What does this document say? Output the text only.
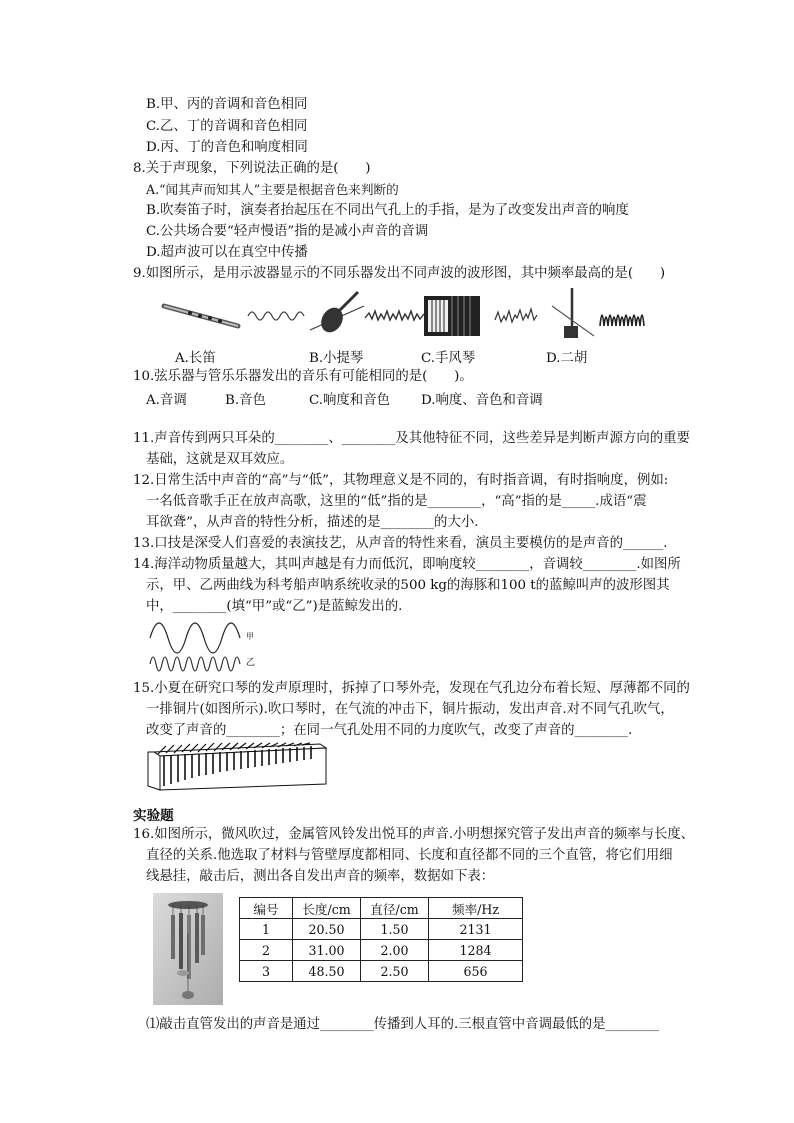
B.甲、丙的音调和音色相同
C.乙、丁的音调和音色相同
D.丙、丁的音色和响度相同
8.关于声现象，下列说法正确的是(　　)
A.“闻其声而知其人”主要是根据音色来判断的
B.吹奏笛子时，演奏者抬起压在不同出气孔上的手指，是为了改变发出声音的响度
C.公共场合要“轻声慢语”指的是减小声音的音调
D.超声波可以在真空中传播
9.如图所示，是用示波器显示的不同乐器发出不同声波的波形图，其中频率最高的是(　　)
A.长笛	B.小提琴	C.手风琴	D.二胡
10.弦乐器与管乐乐器发出的音乐有可能相同的是(　　)。
A.音调	B.音色	C.响度和音色 D.响度、音色和音调
11.声音传到两只耳朵的________、________及其他特征不同，这些差异是判断声源方向的重要
基础，这就是双耳效应。
12.日常生活中声音的“高”与“低”，其物理意义是不同的，有时指音调，有时指响度，例如:
一名低音歌手正在放声高歌，这里的“低”指的是________，“高”指的是_____.成语“震
耳欲聋”，从声音的特性分析，描述的是________的大小.
13.口技是深受人们喜爱的表演技艺，从声音的特性来看，演员主要模仿的是声音的______.
14.海洋动物质量越大，其叫声越是有力而低沉，即响度较________，音调较________.如图所
示，甲、乙两曲线为科考船声呐系统收录的500 kg的海豚和100 t的蓝鲸叫声的波形图其
中，________(填“甲”或“乙”)是蓝鲸发出的.
甲
乙
15.小夏在研究口琴的发声原理时，拆掉了口琴外壳，发现在气孔边分布着长短、厚薄都不同的
一排铜片(如图所示).吹口琴时，在气流的冲击下，铜片振动，发出声音.对不同气孔吹气，
改变了声音的________；在同一气孔处用不同的力度吹气，改变了声音的________.
实验题
16.如图所示，微风吹过，金属管风铃发出悦耳的声音.小明想探究管子发出声音的频率与长度、
直径的关系.他选取了材料与管壁厚度都相同、长度和直径都不同的三个直管，将它们用细
线悬挂，敲击后，测出各自发出声音的频率，数据如下表：
编号	长度/cm	直径/cm	频率/Hz
1	20.50	1.50	2131
2	31.00	2.00	1284
3	48.50	2.50	656
⑴敲击直管发出的声音是通过________传播到人耳的.三根直管中音调最低的是________
